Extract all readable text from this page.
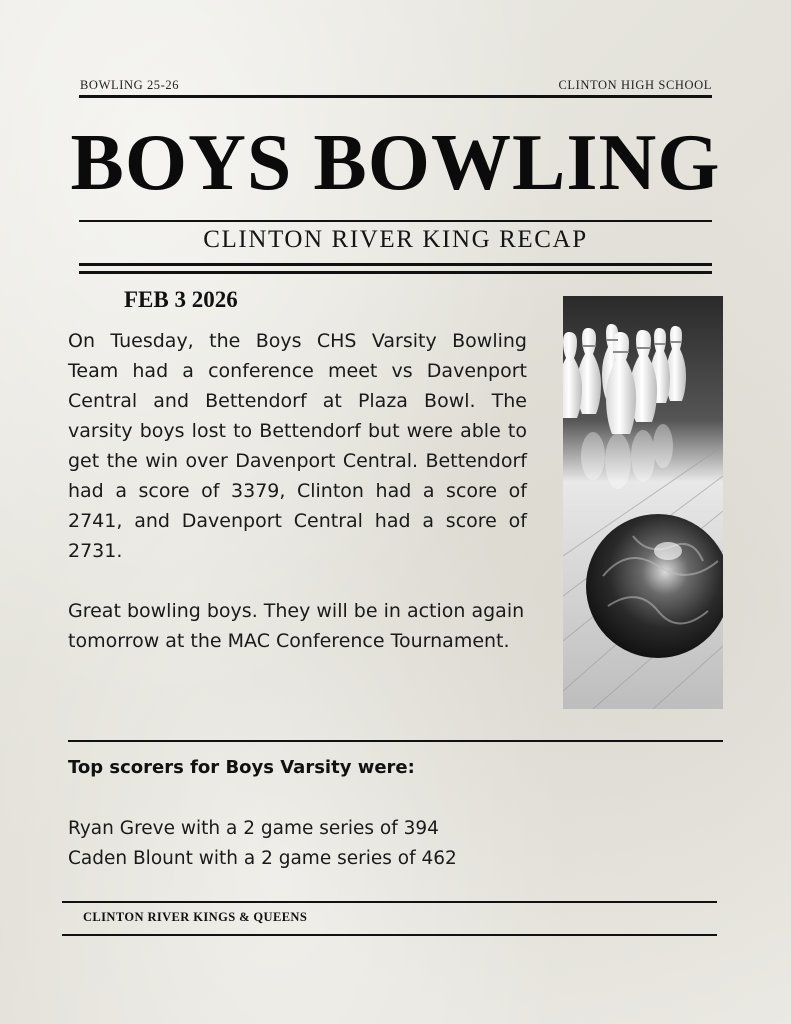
BOWLING 25-26	CLINTON HIGH SCHOOL
BOYS BOWLING
CLINTON RIVER KING RECAP
FEB 3 2026

On Tuesday, the Boys CHS Varsity Bowling Team had a conference meet vs Davenport Central and Bettendorf at Plaza Bowl. The varsity boys lost to Bettendorf but were able to get the win over Davenport Central. Bettendorf had a score of 3379, Clinton had a score of 2741, and Davenport Central had a score of 2731.

Great bowling boys. They will be in action again tomorrow at the MAC Conference Tournament.

Top scorers for Boys Varsity were:
Ryan Greve with a 2 game series of 394
Caden Blount with a 2 game series of 462
CLINTON RIVER KINGS & QUEENS
